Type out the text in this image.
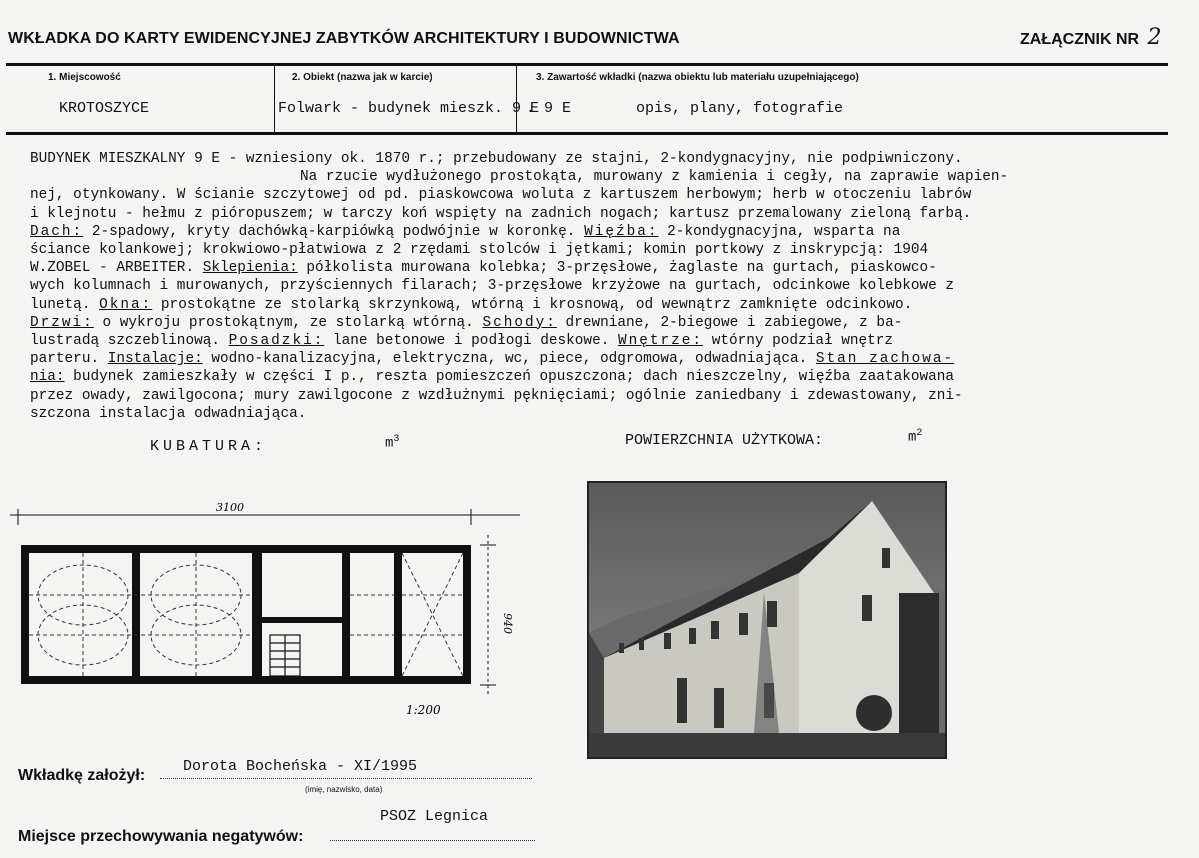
WKŁADKA DO KARTY EWIDENCYJNEJ ZABYTKÓW ARCHITEKTURY I BUDOWNICTWA	ZAŁĄCZNIK NR 2
1. Miejscowość
KROTOSZYCE
2. Obiekt (nazwa jak w karcie)
Folwark - budynek mieszk. 9 E
3. Zawartość wkładki (nazwa obiektu lub materiału uzupełniającego)
. 9 E	opis, plany, fotografie

BUDYNEK MIESZKALNY 9 E - wzniesiony ok. 1870 r.; przebudowany ze stajni, 2-kondygnacyjny, nie podpiwniczony.

Na rzucie wydłużonego prostokąta, murowany z kamienia i cegły, na zaprawie wapien-

nej, otynkowany. W ścianie szczytowej od pd. piaskowcowa woluta z kartuszem herbowym; herb w otoczeniu labrów

i klejnotu - hełmu z pióropuszem; w tarczy koń wspięty na zadnich nogach; kartusz przemalowany zieloną farbą.

Dach: 2-spadowy, kryty dachówką-karpiówką podwójnie w koronkę. Więźba: 2-kondygnacyjna, wsparta na

ściance kolankowej; krokwiowo-płatwiowa z 2 rzędami stolców i jętkami; komin portkowy z inskrypcją: 1904

W.ZOBEL - ARBEITER. Sklepienia: półkolista murowana kolebka; 3-przęsłowe, żaglaste na gurtach, piaskowco-

wych kolumnach i murowanych, przyściennych filarach; 3-przęsłowe krzyżowe na gurtach, odcinkowe kolebkowe z

lunetą. Okna: prostokątne ze stolarką skrzynkową, wtórną i krosnową, od wewnątrz zamknięte odcinkowo.

Drzwi: o wykroju prostokątnym, ze stolarką wtórną. Schody: drewniane, 2-biegowe i zabiegowe, z ba-

lustradą szczeblinową. Posadzki: lane betonowe i podłogi deskowe. Wnętrze: wtórny podział wnętrz

parteru. Instalacje: wodno-kanalizacyjna, elektryczna, wc, piece, odgromowa, odwadniająca. Stan zachowa-

nia: budynek zamieszkały w części I p., reszta pomieszczeń opuszczona; dach nieszczelny, więźba zaatakowana

przez owady, zawilgocona; mury zawilgocone z wzdłużnymi pęknięciami; ogólnie zaniedbany i zdewastowany, zni-

szczona instalacja odwadniająca.

KUBATURA:	$m^3$	POWIERZCHNIA UŻYTKOWA:	$m^2$
3100
940
1:200
Wkładkę założył:
Dorota Bocheńska - XI/1995
(imię, nazwisko, data)
PSOZ Legnica
Miejsce przechowywania negatywów:
